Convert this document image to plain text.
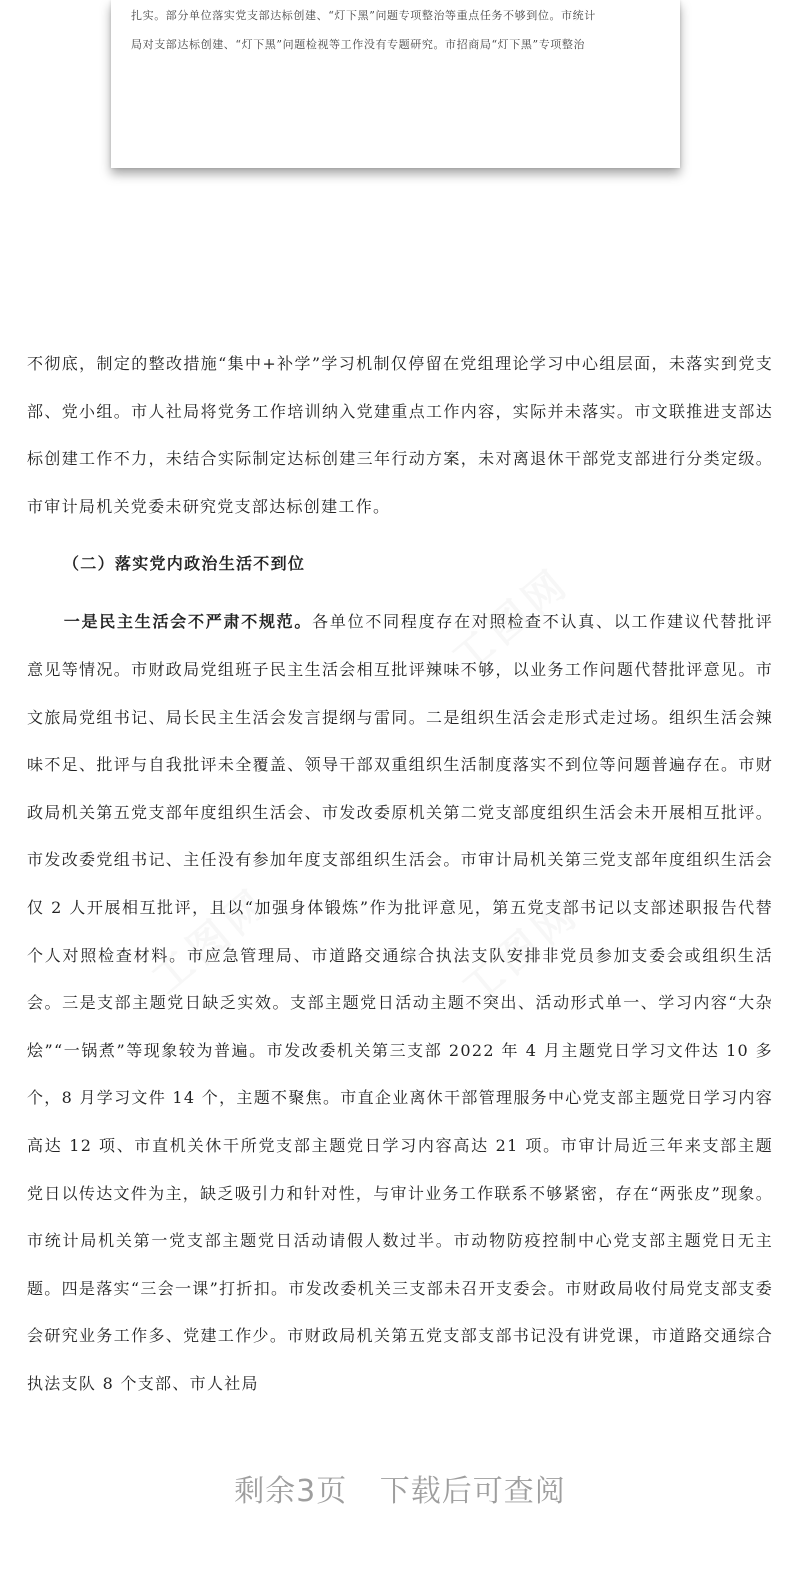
扎实。部分单位落实党支部达标创建、“灯下黑”问题专项整治等重点任务不够到位。市统计
局对支部达标创建、“灯下黑”问题检视等工作没有专题研究。市招商局“灯下黑”专项整治
工图网
工图网	工图网

不彻底，制定的整改措施“集中+补学”学习机制仅停留在党组理论学习中心组层面，未落实到党支部、党小组。市人社局将党务工作培训纳入党建重点工作内容，实际并未落实。市文联推进支部达标创建工作不力，未结合实际制定达标创建三年行动方案，未对离退休干部党支部进行分类定级。市审计局机关党委未研究党支部达标创建工作。

（二）落实党内政治生活不到位

一是民主生活会不严肃不规范。各单位不同程度存在对照检查不认真、以工作建议代替批评意见等情况。市财政局党组班子民主生活会相互批评辣味不够，以业务工作问题代替批评意见。市文旅局党组书记、局长民主生活会发言提纲与雷同。二是组织生活会走形式走过场。组织生活会辣味不足、批评与自我批评未全覆盖、领导干部双重组织生活制度落实不到位等问题普遍存在。市财政局机关第五党支部年度组织生活会、市发改委原机关第二党支部度组织生活会未开展相互批评。市发改委党组书记、主任没有参加年度支部组织生活会。市审计局机关第三党支部年度组织生活会仅 2 人开展相互批评，且以“加强身体锻炼”作为批评意见，第五党支部书记以支部述职报告代替个人对照检查材料。市应急管理局、市道路交通综合执法支队安排非党员参加支委会或组织生活会。三是支部主题党日缺乏实效。支部主题党日活动主题不突出、活动形式单一、学习内容“大杂烩”“一锅煮”等现象较为普遍。市发改委机关第三支部 2022 年 4 月主题党日学习文件达 10 多个，8 月学习文件 14 个，主题不聚焦。市直企业离休干部管理服务中心党支部主题党日学习内容高达 12 项、市直机关休干所党支部主题党日学习内容高达 21 项。市审计局近三年来支部主题党日以传达文件为主，缺乏吸引力和针对性，与审计业务工作联系不够紧密，存在“两张皮”现象。市统计局机关第一党支部主题党日活动请假人数过半。市动物防疫控制中心党支部主题党日无主题。四是落实“三会一课”打折扣。市发改委机关三支部未召开支委会。市财政局收付局党支部支委会研究业务工作多、党建工作少。市财政局机关第五党支部支部书记没有讲党课，市道路交通综合执法支队 8 个支部、市人社局

剩余3页 下载后可查阅
